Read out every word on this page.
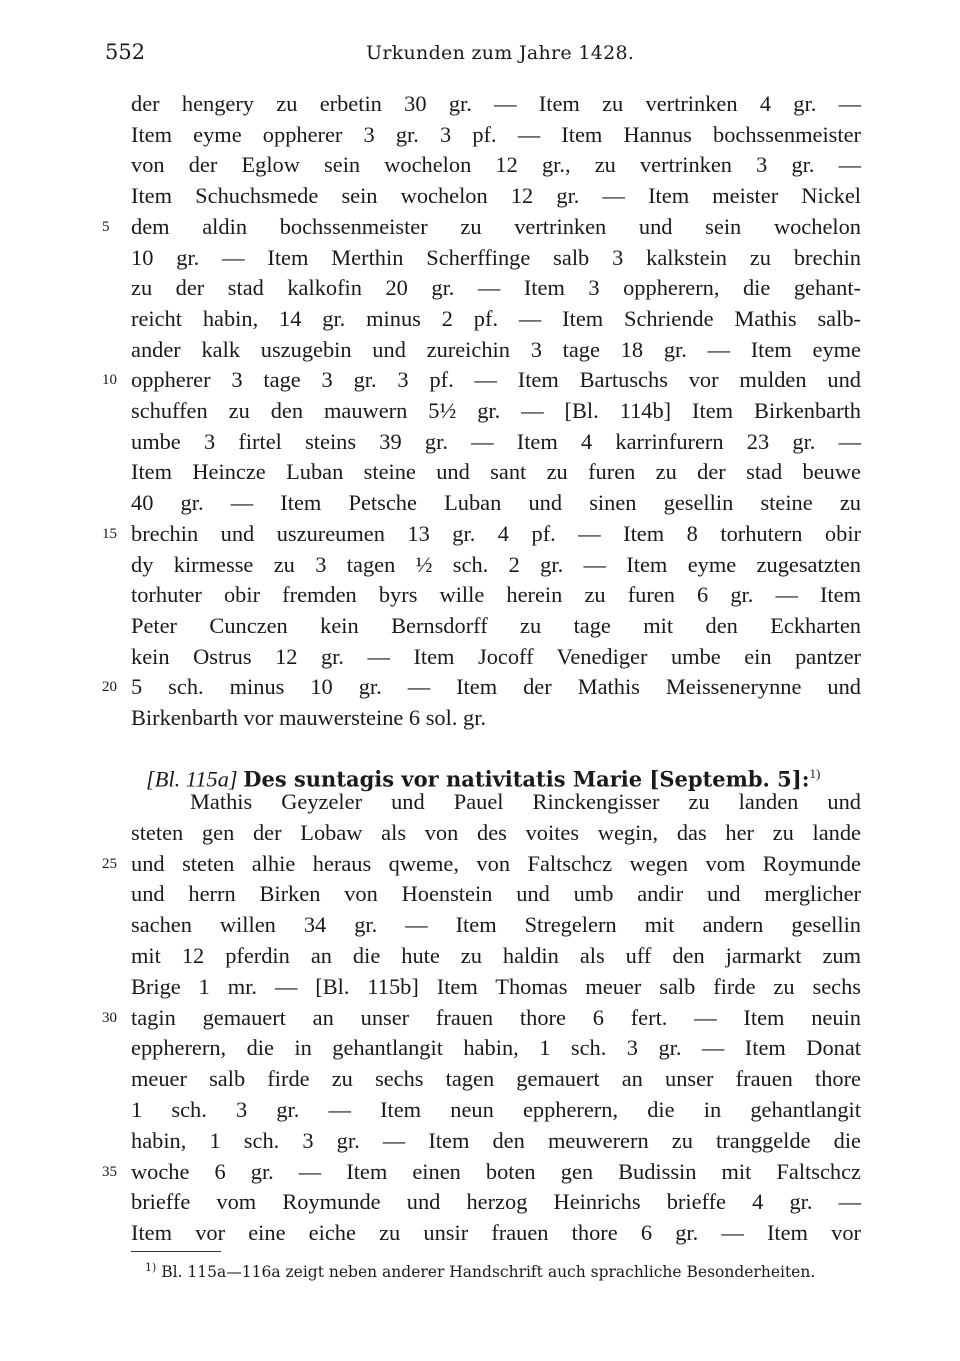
552	Urkunden zum Jahre 1428.
der hengery zu erbetin 30 gr. — Item zu vertrinken 4 gr. —
Item eyme oppherer 3 gr. 3 pf. — Item Hannus bochssenmeister
von der Eglow sein wochelon 12 gr., zu vertrinken 3 gr. —
Item Schuchsmede sein wochelon 12 gr. — Item meister Nickel
dem aldin bochssenmeister zu vertrinken und sein wochelon
5
10 gr. — Item Merthin Scherffinge salb 3 kalkstein zu brechin
zu der stad kalkofin 20 gr. — Item 3 oppherern, die gehant-
reicht habin, 14 gr. minus 2 pf. — Item Schriende Mathis salb-
ander kalk uszugebin und zureichin 3 tage 18 gr. — Item eyme
oppherer 3 tage 3 gr. 3 pf. — Item Bartuschs vor mulden und
10
schuffen zu den mauwern 5½ gr. — [Bl. 114b] Item Birkenbarth
umbe 3 firtel steins 39 gr. — Item 4 karrinfurern 23 gr. —
Item Heincze Luban steine und sant zu furen zu der stad beuwe
40 gr. — Item Petsche Luban und sinen gesellin steine zu
brechin und uszureumen 13 gr. 4 pf. — Item 8 torhutern obir
15
dy kirmesse zu 3 tagen ½ sch. 2 gr. — Item eyme zugesatzten
torhuter obir fremden byrs wille herein zu furen 6 gr. — Item
Peter Cunczen kein Bernsdorff zu tage mit den Eckharten
kein Ostrus 12 gr. — Item Jocoff Venediger umbe ein pantzer
5 sch. minus 10 gr. — Item der Mathis Meissenerynne und
20
Birkenbarth vor mauwersteine 6 sol. gr.
[Bl. 115a] Des suntagis vor nativitatis Marie [Septemb. 5]:$^{1)}$
Mathis Geyzeler und Pauel Rinckengisser zu landen und
steten gen der Lobaw als von des voites wegin, das her zu lande
und steten alhie heraus qweme, von Faltschcz wegen vom Roymunde
25
und herrn Birken von Hoenstein und umb andir und merglicher
sachen willen 34 gr. — Item Stregelern mit andern gesellin
mit 12 pferdin an die hute zu haldin als uff den jarmarkt zum
Brige 1 mr. — [Bl. 115b] Item Thomas meuer salb firde zu sechs
tagin gemauert an unser frauen thore 6 fert. — Item neuin
30
eppherern, die in gehantlangit habin, 1 sch. 3 gr. — Item Donat
meuer salb firde zu sechs tagen gemauert an unser frauen thore
1 sch. 3 gr. — Item neun eppherern, die in gehantlangit
habin, 1 sch. 3 gr. — Item den meuwerern zu tranggelde die
woche 6 gr. — Item einen boten gen Budissin mit Faltschcz
35
brieffe vom Roymunde und herzog Heinrichs brieffe 4 gr. —
Item vor eine eiche zu unsir frauen thore 6 gr. — Item vor
$^{1)}$ Bl. 115a—116a zeigt neben anderer Handschrift auch sprachliche Besonderheiten.
